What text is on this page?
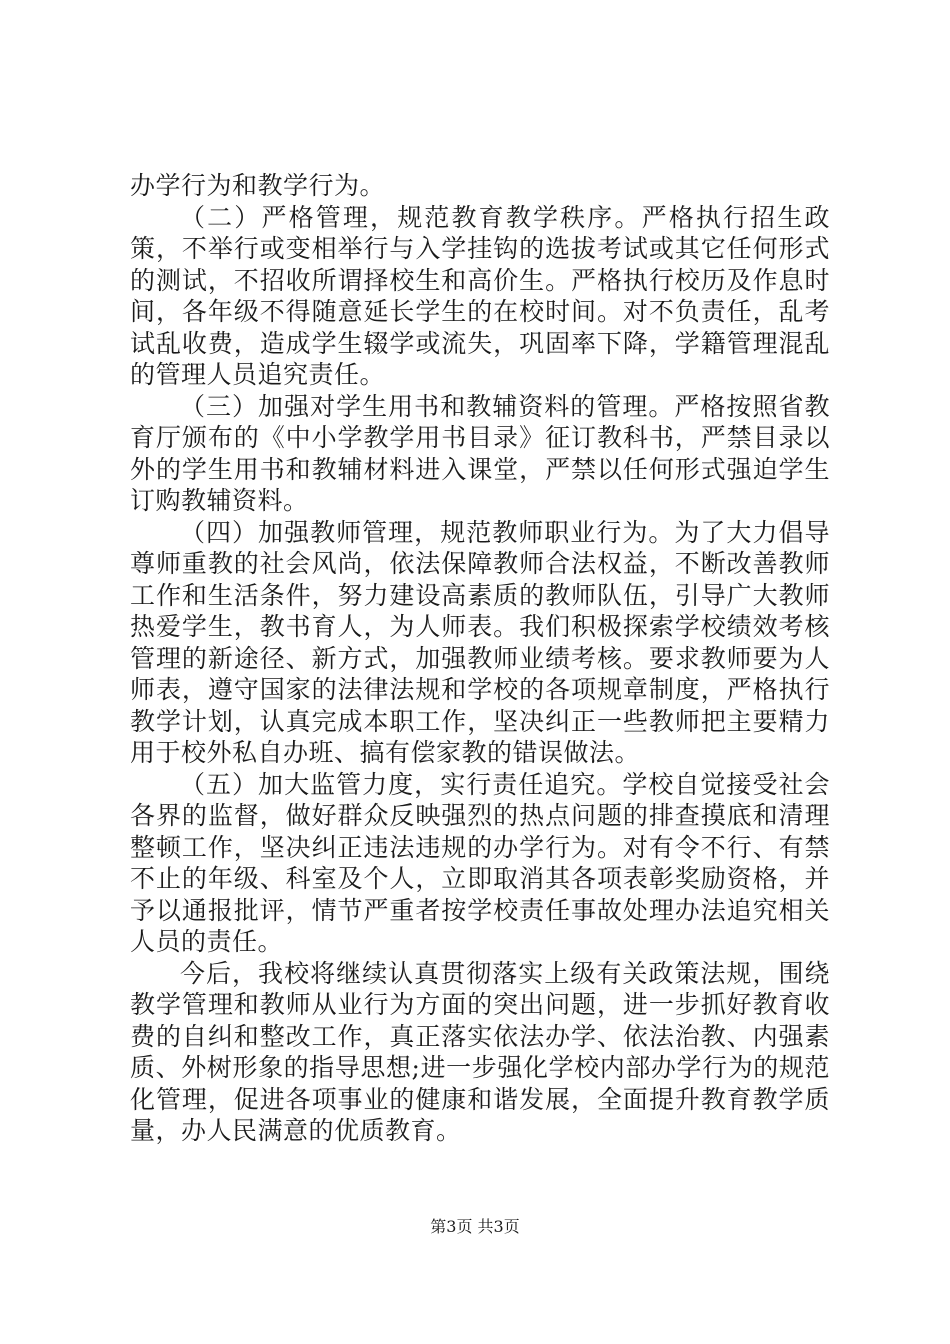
办学行为和教学行为。

（二）严格管理，规范教育教学秩序。严格执行招生政策，不举行或变相举行与入学挂钩的选拔考试或其它任何形式的测试，不招收所谓择校生和高价生。严格执行校历及作息时间，各年级不得随意延长学生的在校时间。对不负责任，乱考试乱收费，造成学生辍学或流失，巩固率下降，学籍管理混乱的管理人员追究责任。

（三）加强对学生用书和教辅资料的管理。严格按照省教育厅颁布的《中小学教学用书目录》征订教科书，严禁目录以外的学生用书和教辅材料进入课堂，严禁以任何形式强迫学生订购教辅资料。

（四）加强教师管理，规范教师职业行为。为了大力倡导尊师重教的社会风尚，依法保障教师合法权益，不断改善教师工作和生活条件，努力建设高素质的教师队伍，引导广大教师热爱学生，教书育人，为人师表。我们积极探索学校绩效考核管理的新途径、新方式，加强教师业绩考核。要求教师要为人师表，遵守国家的法律法规和学校的各项规章制度，严格执行教学计划，认真完成本职工作，坚决纠正一些教师把主要精力用于校外私自办班、搞有偿家教的错误做法。

（五）加大监管力度，实行责任追究。学校自觉接受社会各界的监督，做好群众反映强烈的热点问题的排查摸底和清理整顿工作，坚决纠正违法违规的办学行为。对有令不行、有禁不止的年级、科室及个人，立即取消其各项表彰奖励资格，并予以通报批评，情节严重者按学校责任事故处理办法追究相关人员的责任。

今后，我校将继续认真贯彻落实上级有关政策法规，围绕教学管理和教师从业行为方面的突出问题，进一步抓好教育收费的自纠和整改工作，真正落实依法办学、依法治教、内强素质、外树形象的指导思想;进一步强化学校内部办学行为的规范化管理，促进各项事业的健康和谐发展，全面提升教育教学质量，办人民满意的优质教育。

第3页 共3页
